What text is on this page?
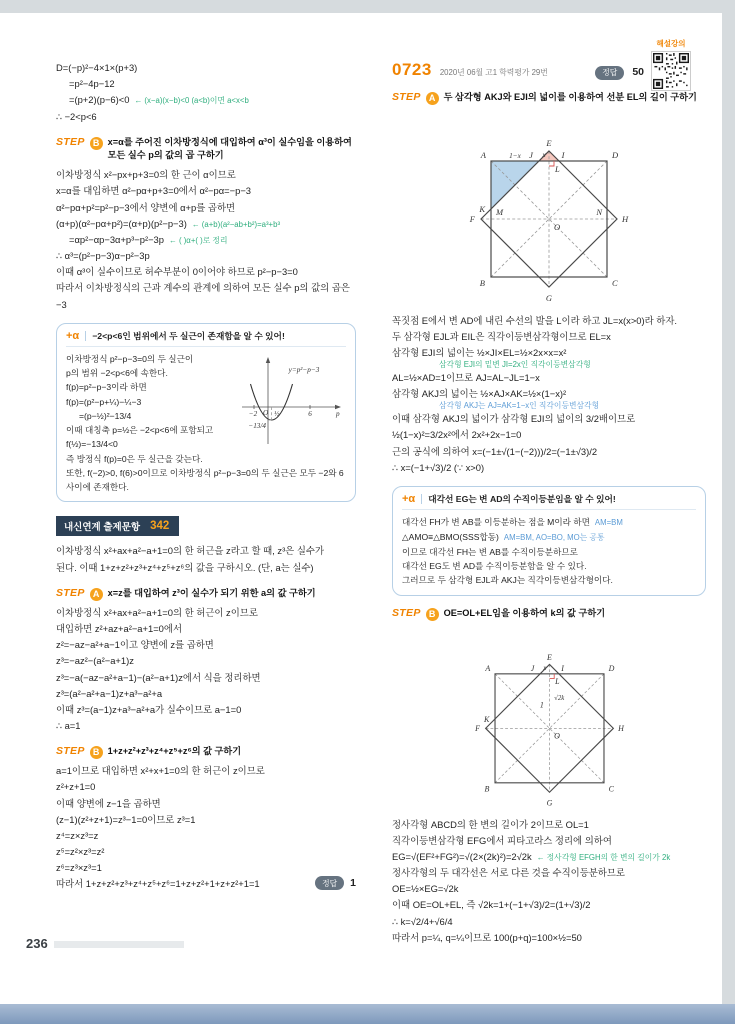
해설강의
D=(−p)²−4×1×(p+3)
=p²−4p−12
=(p+2)(p−6)<0 ← (x−a)(x−b)<0 (a<b)이면 a<x<b
∴ −2<p<6
STEP B x=α를 주어진 이차방정식에 대입하여 α³이 실수임을 이용하여 모든 실수 p의 값의 곱 구하기
이차방정식 x²−px+p+3=0의 한 근이 α이므로
x=α를 대입하면 α²−pα+p+3=0에서 α²−pα=−p−3
α²−pα+p²=p²−p−3에서 양변에 α+p를 곱하면
(α+p)(α²−pα+p²)=(α+p)(p²−p−3) ← (a+b)(a²−ab+b²)=a³+b³
=αp²−αp−3α+p³−p²−3p ← ( )α+( )로 정리
∴ α³=(p²−p−3)α−p²−3p
이때 α³이 실수이므로 허수부분이 0이어야 하므로 p²−p−3=0
따라서 이차방정식의 근과 계수의 관계에 의하여 모든 실수 p의 값의 곱은 −3
+α −2<p<6인 범위에서 두 실근이 존재함을 알 수 있어!
y=p²−p−3
−2 O ½	6	p
−13/4
이차방정식 p²−p−3=0의 두 실근이
p의 범위 −2<p<6에 속한다.
f(p)=p²−p−3이라 하면
f(p)=(p²−p+¼)−¼−3
=(p−½)²−13/4
이때 대칭축 p=½은 −2<p<6에 포함되고
f(½)=−13/4<0
즉 방정식 f(p)=0은 두 실근을 갖는다.
또한, f(−2)>0, f(6)>0이므로 이차방정식 p²−p−3=0의 두 실근은 모두 −2와 6 사이에 존재한다.
내신연계 출제문항 342
이차방정식 x²+ax+a²−a+1=0의 한 허근을 z라고 할 때, z³은 실수가
된다. 이때 1+z+z²+z³+z⁴+z⁵+z⁶의 값을 구하시오. (단, a는 실수)
STEP A x=z를 대입하여 z³이 실수가 되기 위한 a의 값 구하기
이차방정식 x²+ax+a²−a+1=0의 한 허근이 z이므로
대입하면 z²+az+a²−a+1=0에서
z²=−az−a²+a−1이고 양변에 z를 곱하면
z³=−az²−(a²−a+1)z
z³=−a(−az−a²+a−1)−(a²−a+1)z에서 식을 정리하면
z³=(a²−a²+a−1)z+a³−a²+a
이때 z³=(a−1)z+a³−a²+a가 실수이므로 a−1=0
∴ a=1
STEP B 1+z+z²+z³+z⁴+z⁵+z⁶의 값 구하기
a=1이므로 대입하면 x²+x+1=0의 한 허근이 z이므로
z²+z+1=0
이때 양변에 z−1을 곱하면
(z−1)(z²+z+1)=z³−1=0이므로 z³=1
z⁴=z×z³=z
z⁵=z²×z³=z²
z⁶=z³×z³=1
따라서 1+z+z²+z³+z⁴+z⁵+z⁶=1+z+z²+1+z+z²+1=1	정답	1
0723 2020년 06월 고1 학력평가 29번	정답	50
STEP A 두 삼각형 AKJ와 EJI의 넓이를 이용하여 선분 EL의 길이 구하기
E
1−x J x I
L
K
A	D
M
O
N
F	H
B	C
G
꼭짓점 E에서 변 AD에 내린 수선의 발을 L이라 하고 JL=x(x>0)라 하자.
두 삼각형 EJL과 EIL은 직각이등변삼각형이므로 EL=x
삼각형 EJI의 넓이는 ½×JI×EL=½×2x×x=x²
삼각형 EJI의 밑변 JI=2x인 직각이등변삼각형
AL=½×AD=1이므로 AJ=AL−JL=1−x
삼각형 AKJ의 넓이는 ½×AJ×AK=½×(1−x)²
삼각형 AKJ는 AJ=AK=1−x인 직각이등변삼각형
이때 삼각형 AKJ의 넓이가 삼각형 EJI의 넓이의 3/2배이므로
½(1−x)²=3/2x²에서 2x²+2x−1=0
근의 공식에 의하여 x=(−1±√(1−(−2)))/2=(−1±√3)/2
∴ x=(−1+√3)/2 (∵ x>0)
+α 대각선 EG는 변 AD의 수직이등분임을 알 수 있어!
대각선 FH가 변 AB를 이등분하는 점을 M이라 하면 AM=BM
△AMO≡△BMO(SSS합동) AM=BM, AO=BO, MO는 공통
이므로 대각선 FH는 변 AB를 수직이등분하므로
대각선 EG도 변 AD를 수직이등분함을 알 수 있다.
그러므로 두 삼각형 EJL과 AKJ는 직각이등변삼각형이다.
STEP B OE=OL+EL임을 이용하여 k의 값 구하기
E
J x I
L
K
A	D
1
√2k
O
F	H
B	C
G
정사각형 ABCD의 한 변의 길이가 2이므로 OL=1
직각이등변삼각형 EFG에서 피타고라스 정리에 의하여
EG=√(EF²+FG²)=√(2×(2k)²)=2√2k ← 정사각형 EFGH의 한 변의 길이가 2k
정사각형의 두 대각선은 서로 다른 것을 수직이등분하므로
OE=½×EG=√2k
이때 OE=OL+EL, 즉 √2k=1+(−1+√3)/2=(1+√3)/2
∴ k=√2/4+√6/4
따라서 p=¼, q=¼이므로 100(p+q)=100×½=50
236
